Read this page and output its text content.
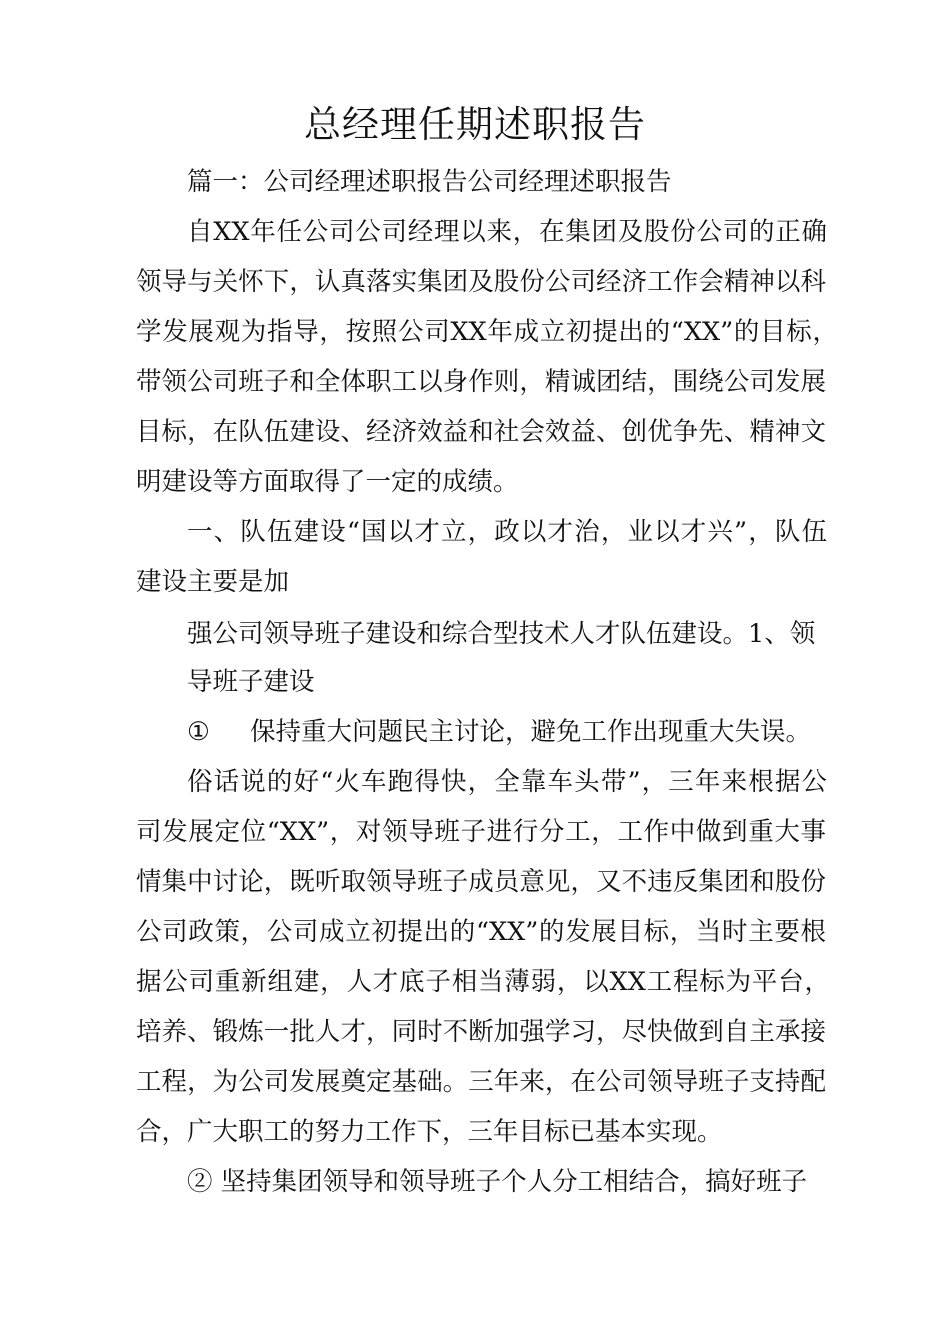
总经理任期述职报告
篇一：公司经理述职报告公司经理述职报告
自XX年任公司公司经理以来，在集团及股份公司的正确
领导与关怀下，认真落实集团及股份公司经济工作会精神以科
学发展观为指导，按照公司XX年成立初提出的“XX”的目标，
带领公司班子和全体职工以身作则，精诚团结，围绕公司发展
目标，在队伍建设、经济效益和社会效益、创优争先、精神文
明建设等方面取得了一定的成绩。
一、队伍建设“国以才立，政以才治，业以才兴”，队伍
建设主要是加
强公司领导班子建设和综合型技术人才队伍建设。1、领
导班子建设
① 保持重大问题民主讨论，避免工作出现重大失误。
俗话说的好“火车跑得快，全靠车头带”，三年来根据公
司发展定位“XX”，对领导班子进行分工，工作中做到重大事
情集中讨论，既听取领导班子成员意见，又不违反集团和股份
公司政策，公司成立初提出的“XX”的发展目标，当时主要根
据公司重新组建，人才底子相当薄弱，以XX工程标为平台，
培养、锻炼一批人才，同时不断加强学习，尽快做到自主承接
工程，为公司发展奠定基础。三年来，在公司领导班子支持配
合，广大职工的努力工作下，三年目标已基本实现。
② 坚持集团领导和领导班子个人分工相结合，搞好班子
